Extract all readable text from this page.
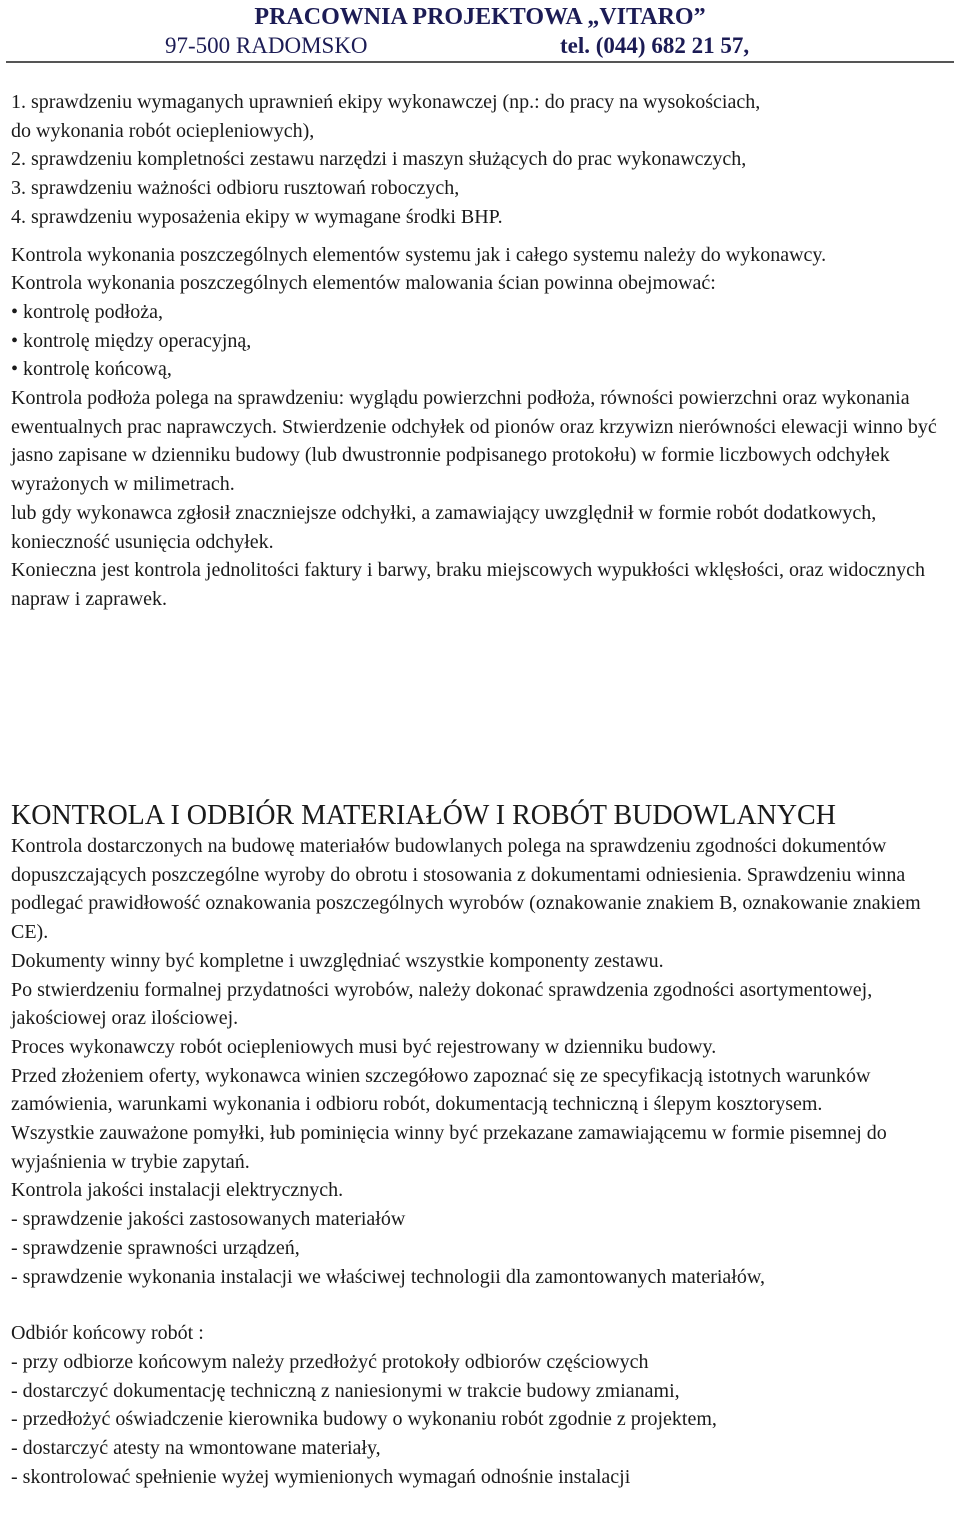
PRACOWNIA PROJEKTOWA „VITARO”
97-500 RADOMSKO	tel. (044) 682 21 57,

1. sprawdzeniu wymaganych uprawnień ekipy wykonawczej (np.: do pracy na wysokościach,

do wykonania robót ociepleniowych),

2. sprawdzeniu kompletności zestawu narzędzi i maszyn służących do prac wykonawczych,

3. sprawdzeniu ważności odbioru rusztowań roboczych,

4. sprawdzeniu wyposażenia ekipy w wymagane środki BHP.

Kontrola wykonania poszczególnych elementów systemu jak i całego systemu należy do wykonawcy.

Kontrola wykonania poszczególnych elementów malowania ścian powinna obejmować:

• kontrolę podłoża,

• kontrolę między operacyjną,

• kontrolę końcową,

Kontrola podłoża polega na sprawdzeniu: wyglądu powierzchni podłoża, równości powierzchni oraz wykonania ewentualnych prac naprawczych. Stwierdzenie odchyłek od pionów oraz krzywizn nierówności elewacji winno być jasno zapisane w dzienniku budowy (lub dwustronnie podpisanego protokołu) w formie liczbowych odchyłek wyrażonych w milimetrach.

lub gdy wykonawca zgłosił znaczniejsze odchyłki, a zamawiający uwzględnił w formie robót dodatkowych, konieczność usunięcia odchyłek.

Konieczna jest kontrola jednolitości faktury i barwy, braku miejscowych wypukłości wklęsłości, oraz widocznych napraw i zaprawek.

KONTROLA I ODBIÓR MATERIAŁÓW I ROBÓT BUDOWLANYCH

Kontrola dostarczonych na budowę materiałów budowlanych polega na sprawdzeniu zgodności dokumentów dopuszczających poszczególne wyroby do obrotu i stosowania z dokumentami odniesienia. Sprawdzeniu winna podlegać prawidłowość oznakowania poszczególnych wyrobów (oznakowanie znakiem B, oznakowanie znakiem CE).

Dokumenty winny być kompletne i uwzględniać wszystkie komponenty zestawu.

Po stwierdzeniu formalnej przydatności wyrobów, należy dokonać sprawdzenia zgodności asortymentowej, jakościowej oraz ilościowej.

Proces wykonawczy robót ociepleniowych musi być rejestrowany w dzienniku budowy.

Przed złożeniem oferty, wykonawca winien szczegółowo zapoznać się ze specyfikacją istotnych warunków zamówienia, warunkami wykonania i odbioru robót, dokumentacją techniczną i ślepym kosztorysem.

Wszystkie zauważone pomyłki, łub pominięcia winny być przekazane zamawiającemu w formie pisemnej do wyjaśnienia w trybie zapytań.

Kontrola jakości instalacji elektrycznych.

- sprawdzenie jakości zastosowanych materiałów

- sprawdzenie sprawności urządzeń,

- sprawdzenie wykonania instalacji we właściwej technologii dla zamontowanych materiałów,

Odbiór końcowy robót :

- przy odbiorze końcowym należy przedłożyć protokoły odbiorów częściowych

- dostarczyć dokumentację techniczną z naniesionymi w trakcie budowy zmianami,

- przedłożyć oświadczenie kierownika budowy o wykonaniu robót zgodnie z projektem,

- dostarczyć atesty na wmontowane materiały,

- skontrolować spełnienie wyżej wymienionych wymagań odnośnie instalacji
